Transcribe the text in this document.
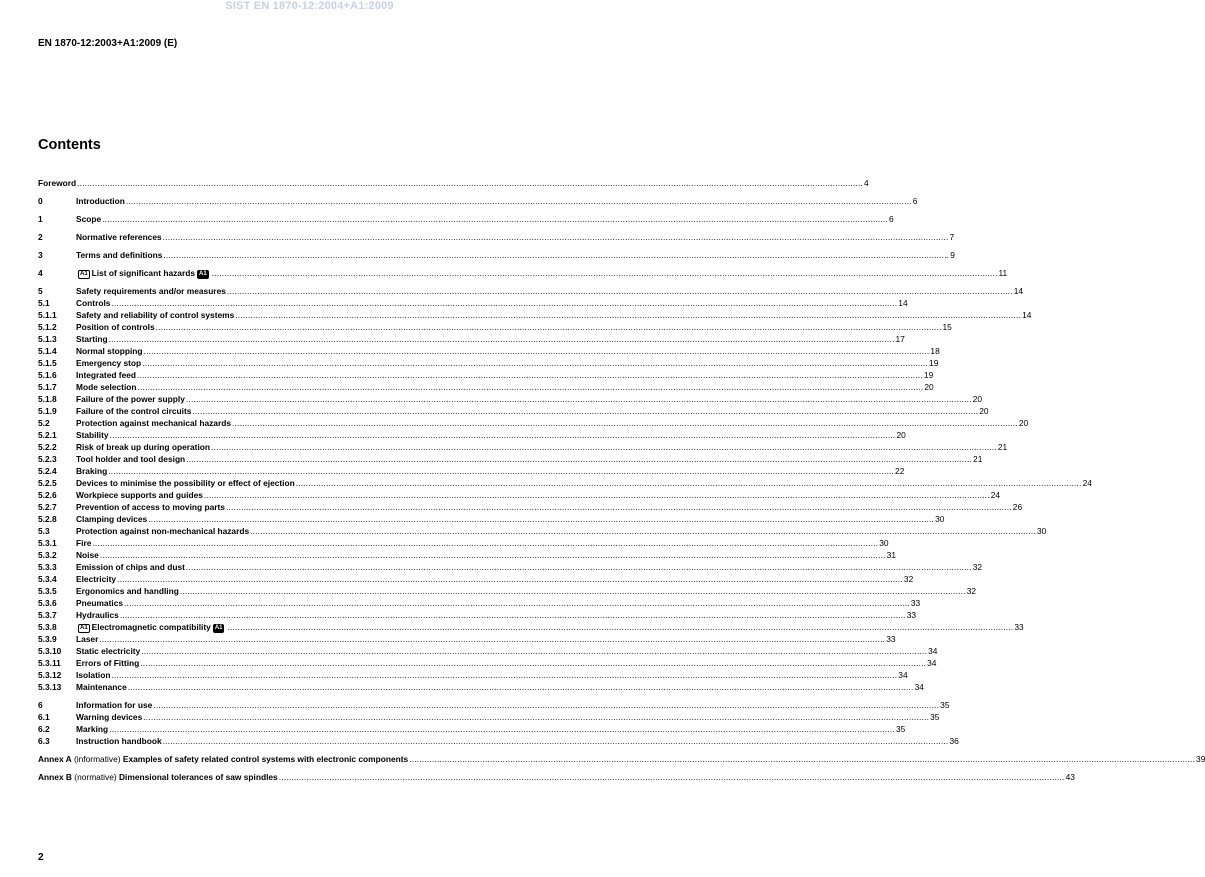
SIST EN 1870-12:2004+A1:2009
EN 1870-12:2003+A1:2009 (E)
Contents
Foreword .....	4
0	Introduction .....	6
1	Scope .....	6
2	Normative references .....	7
3	Terms and definitions .....	9
4	A1 List of significant hazards A1 .....	11
5	Safety requirements and/or measures .....	14
5.1	Controls .....	14
5.1.1	Safety and reliability of control systems .....	14
5.1.2	Position of controls .....	15
5.1.3	Starting .....	17
5.1.4	Normal stopping .....	18
5.1.5	Emergency stop .....	19
5.1.6	Integrated feed .....	19
5.1.7	Mode selection .....	20
5.1.8	Failure of the power supply .....	20
5.1.9	Failure of the control circuits .....	20
5.2	Protection against mechanical hazards .....	20
5.2.1	Stability .....	20
5.2.2	Risk of break up during operation .....	21
5.2.3	Tool holder and tool design .....	21
5.2.4	Braking .....	22
5.2.5	Devices to minimise the possibility or effect of ejection .....	24
5.2.6	Workpiece supports and guides .....	24
5.2.7	Prevention of access to moving parts .....	26
5.2.8	Clamping devices .....	30
5.3	Protection against non-mechanical hazards .....	30
5.3.1	Fire .....	30
5.3.2	Noise .....	31
5.3.3	Emission of chips and dust .....	32
5.3.4	Electricity .....	32
5.3.5	Ergonomics and handling .....	32
5.3.6	Pneumatics .....	33
5.3.7	Hydraulics .....	33
5.3.8	A1 Electromagnetic compatibility A1 .....	33
5.3.9	Laser .....	33
5.3.10	Static electricity .....	34
5.3.11	Errors of Fitting .....	34
5.3.12	Isolation .....	34
5.3.13	Maintenance .....	34
6	Information for use .....	35
6.1	Warning devices .....	35
6.2	Marking .....	35
6.3	Instruction handbook .....	36
Annex A (informative) Examples of safety related control systems with electronic components .....	39
Annex B (normative) Dimensional tolerances of saw spindles .....	43
2
